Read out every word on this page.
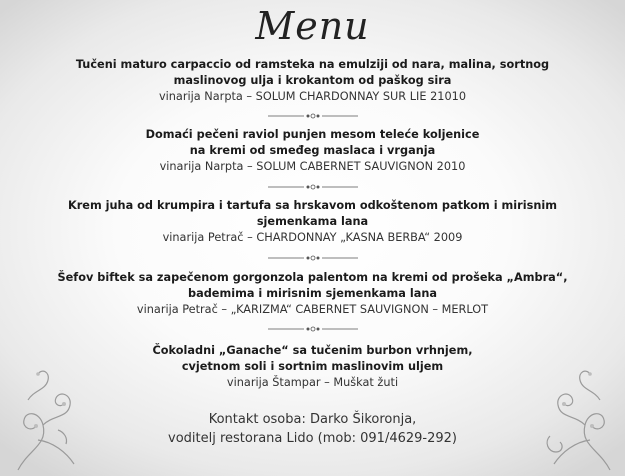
Menu
Tučeni maturo carpaccio od ramsteka na emulziji od nara, malina, sortnog
maslinovog ulja i krokantom od paškog sira
vinarija Narpta – SOLUM CHARDONNAY SUR LIE 21010
Domaći pečeni raviol punjen mesom teleće koljenice
na kremi od smeđeg maslaca i vrganja
vinarija Narpta – SOLUM CABERNET SAUVIGNON 2010
Krem juha od krumpira i tartufa sa hrskavom odkoštenom patkom i mirisnim
sjemenkama lana
vinarija Petrač – CHARDONNAY „KASNA BERBA“ 2009
Šefov biftek sa zapečenom gorgonzola palentom na kremi od prošeka „Ambra“,
bademima i mirisnim sjemenkama lana
vinarija Petrač – „KARIZMA“ CABERNET SAUVIGNON – MERLOT
Čokoladni „Ganache“ sa tučenim burbon vrhnjem,
cvjetnom soli i sortnim maslinovim uljem
vinarija Štampar – Muškat žuti
Kontakt osoba: Darko Šikoronja,
voditelj restorana Lido (mob: 091/4629-292)
